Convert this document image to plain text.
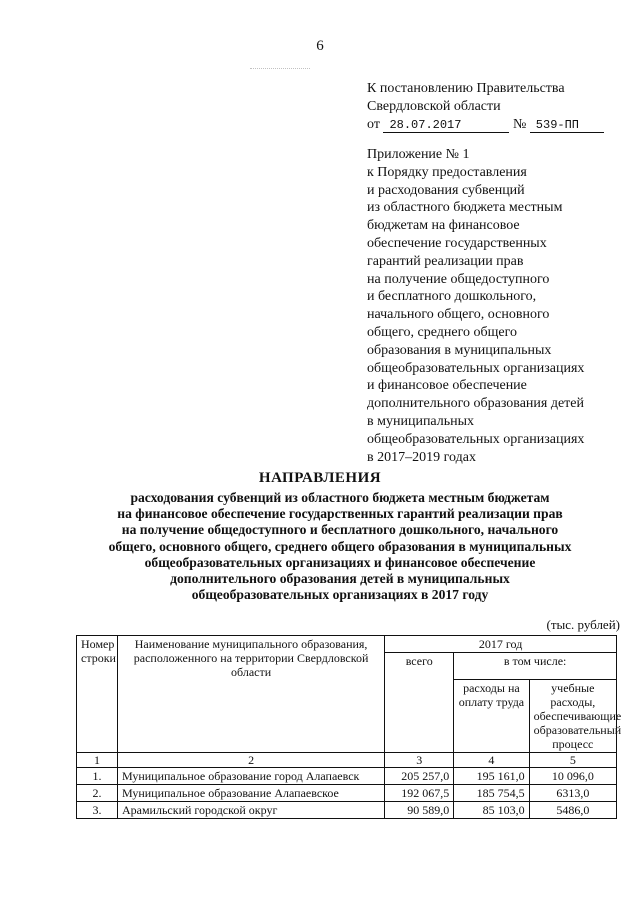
6
К постановлению Правительства
Свердловской области
от 28.07.2017	№ 539-ПП
Приложение № 1
к Порядку предоставления
и расходования субвенций
из областного бюджета местным
бюджетам на финансовое
обеспечение государственных
гарантий реализации прав
на получение общедоступного
и бесплатного дошкольного,
начального общего, основного
общего, среднего общего
образования в муниципальных
общеобразовательных организациях
и финансовое обеспечение
дополнительного образования детей
в муниципальных
общеобразовательных организациях
в 2017–2019 годах
НАПРАВЛЕНИЯ
расходования субвенций из областного бюджета местным бюджетам
на финансовое обеспечение государственных гарантий реализации прав
на получение общедоступного и бесплатного дошкольного, начального
общего, основного общего, среднего общего образования в муниципальных
общеобразовательных организациях и финансовое обеспечение
дополнительного образования детей в муниципальных
общеобразовательных организациях в 2017 году
(тыс. рублей)
Номер строки	Наименование муниципального образования, расположенного на территории Свердловской области	2017 год		
		всего	в том числе:	
			расходы на оплату труда	учебные расходы, обеспечивающие образовательный процесс
1	2	3	4	5
1.	Муниципальное образование город Алапаевск	205 257,0	195 161,0	10 096,0
2.	Муниципальное образование Алапаевское	192 067,5	185 754,5	6313,0
3.	Арамильский городской округ	90 589,0	85 103,0	5486,0
